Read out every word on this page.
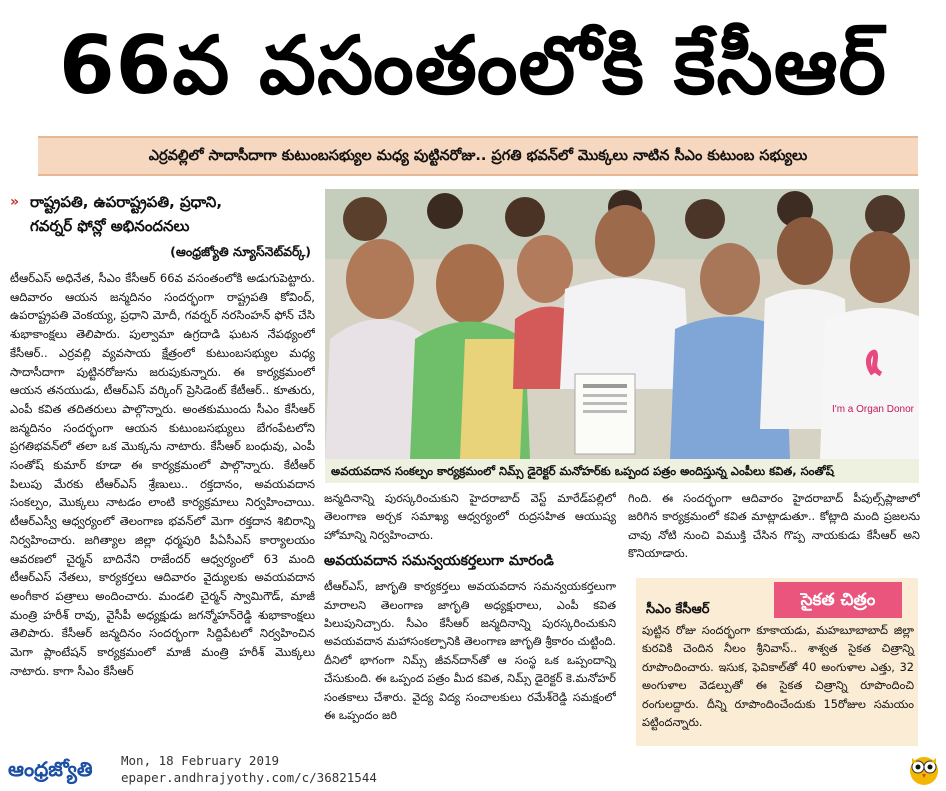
66వ వసంతంలోకి కేసీఆర్
ఎర్రవల్లిలో సాదాసీదాగా కుటుంబసభ్యుల మధ్య పుట్టినరోజు.. ప్రగతి భవన్‌లో మొక్కలు నాటిన సీఎం కుటుంబ సభ్యులు
» రాష్ట్రపతి, ఉపరాష్ట్రపతి, ప్రధాని,
గవర్నర్ ఫోన్లో అభినందనలు
(ఆంధ్రజ్యోతి న్యూస్‌నెట్‌వర్క్)
టీఆర్ఎస్ అధినేత, సీఎం కేసీఆర్ 66వ వసంతంలోకి అడుగుపెట్టారు. ఆదివారం ఆయన జన్మదినం సందర్భంగా రాష్ట్రపతి కోవింద్, ఉపరాష్ట్రపతి వెంకయ్య, ప్రధాని మోదీ, గవర్నర్ నరసింహన్ ఫోన్ చేసి శుభాకాంక్షలు తెలిపారు. పుల్వామా ఉగ్రదాడి ఘటన నేపథ్యంలో కేసీఆర్.. ఎర్రవల్లి వ్యవసాయ క్షేత్రంలో కుటుంబసభ్యుల మధ్య సాదాసీదాగా పుట్టినరోజును జరుపుకున్నారు. ఈ కార్యక్రమంలో ఆయన తనయుడు, టీఆర్ఎస్ వర్కింగ్ ప్రెసిడెంట్ కేటీఆర్.. కూతురు, ఎంపీ కవిత తదితరులు పాల్గొన్నారు. అంతకుముందు సీఎం కేసీఆర్ జన్మదినం సందర్భంగా ఆయన కుటుంబసభ్యులు బేగంపేటలోని ప్రగతిభవన్‌లో తలా ఒక మొక్కను నాటారు. కేసీఆర్ బంధువు, ఎంపీ సంతోష్ కుమార్ కూడా ఈ కార్యక్రమంలో పాల్గొన్నారు. కేటీఆర్ పిలుపు మేరకు టీఆర్ఎస్ శ్రేణులు.. రక్తదానం, అవయవదాన సంకల్పం, మొక్కలు నాటడం లాంటి కార్యక్రమాలు నిర్వహించాయి. టీఆర్ఎస్వీ ఆధ్వర్యంలో తెలంగాణ భవన్‌లో మెగా రక్తదాన శిబిరాన్ని నిర్వహించారు. జగిత్యాల జిల్లా ధర్మపురి పీఏసీఎస్ కార్యాలయం ఆవరణలో చైర్మన్ బాదినేని రాజేందర్ ఆధ్వర్యంలో 63 మంది టీఆర్ఎస్ నేతలు, కార్యకర్తలు ఆదివారం వైద్యులకు అవయవదాన అంగీకార పత్రాలు అందించారు. మండలి చైర్మన్ స్వామిగౌడ్, మాజీ మంత్రి హరీశ్ రావు, వైసీపీ అధ్యక్షుడు జగన్మోహన్‌రెడ్డి శుభాకాంక్షలు తెలిపారు. కేసీఆర్ జన్మదినం సందర్భంగా సిద్దిపేటలో నిర్వహించిన మెగా ప్లాంటేషన్ కార్యక్రమంలో మాజీ మంత్రి హరీశ్ మొక్కలు నాటారు. కాగా సీఎం కేసీఆర్
I'm a Organ Donor
అవయవదాన సంకల్పం కార్యక్రమంలో నిమ్స్ డైరెక్టర్ మనోహర్‌కు ఒప్పంద పత్రం అందిస్తున్న ఎంపీలు కవిత, సంతోష్
జన్మదినాన్ని పురస్కరించుకుని హైదరాబాద్ వెస్ట్ మారేడ్‌పల్లిలో తెలంగాణ అర్చక సమాఖ్య ఆధ్వర్యంలో రుద్రసహిత ఆయుష్య హోమాన్ని నిర్వహించారు.
అవయవదాన సమన్వయకర్తలుగా మారండి
టీఆర్ఎస్, జాగృతి కార్యకర్తలు అవయవదాన సమన్వయకర్తలుగా మారాలని తెలంగాణ జాగృతి అధ్యక్షురాలు, ఎంపీ కవిత పిలుపునిచ్చారు. సీఎం కేసీఆర్ జన్మదినాన్ని పురస్కరించుకుని అవయవదాన మహాసంకల్పానికి తెలంగాణ జాగృతి శ్రీకారం చుట్టింది. దీనిలో భాగంగా నిమ్స్ జీవన్‌దాన్‌తో ఆ సంస్థ ఒక ఒప్పందాన్ని చేసుకుంది. ఈ ఒప్పంద పత్రం మీద కవిత, నిమ్స్ డైరెక్టర్ కె.మనోహర్ సంతకాలు చేశారు. వైద్య విద్య సంచాలకులు రమేశ్‌రెడ్డి సమక్షంలో ఈ ఒప్పందం జరి
గింది. ఈ సందర్భంగా ఆదివారం హైదరాబాద్ పీపుల్స్‌ప్లాజాలో జరిగిన కార్యక్రమంలో కవిత మాట్లాడుతూ.. కోట్లాది మంది ప్రజలను చావు నోటి నుంచి విముక్తి చేసిన గొప్ప నాయకుడు కేసీఆర్ అని కొనియాడారు.
సైకత చిత్రం
సీఎం కేసీఆర్
పుట్టిన రోజు సందర్భంగా కూకాయడు, మహబూబాబాద్ జిల్లా కురవికి చెందిన నీలం శ్రీనివాస్.. శాశ్వత సైకత చిత్రాన్ని రూపొందించారు. ఇసుక, ఫెవికాల్‌తో 40 అంగుళాల ఎత్తు, 32 అంగుళాల వెడల్పుతో ఈ సైకత చిత్రాన్ని రూపొందించి రంగులద్దారు. దీన్ని రూపొందించేందుకు 15రోజుల సమయం పట్టిందన్నారు.
ఆంధ్రజ్యోతి Mon, 18 February 2019
epaper.andhrajyothy.com/c/36821544
